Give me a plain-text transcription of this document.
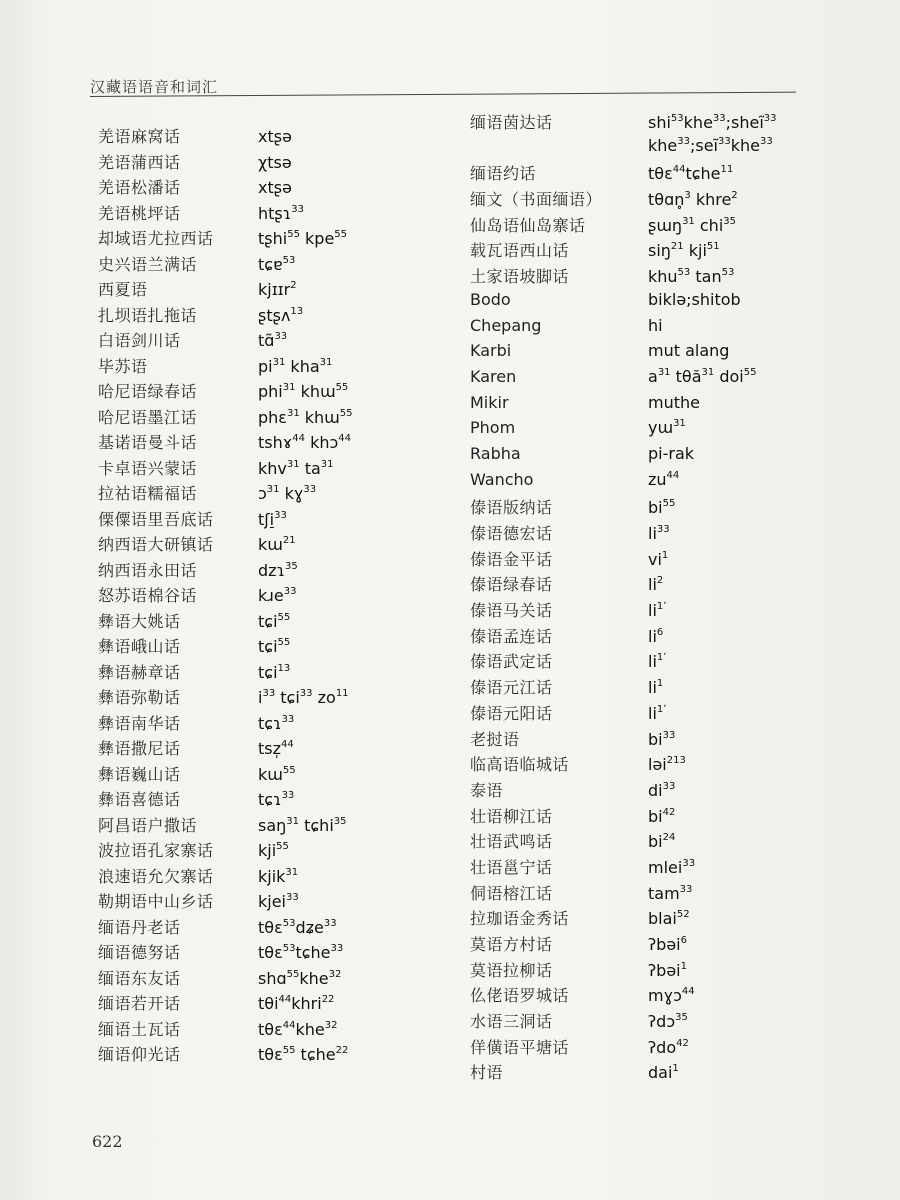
汉藏语语音和词汇
羌语麻窝话	xtʂə
羌语蒲西话	χtsə
羌语松潘话	xtʂə
羌语桃坪话	htʂɿ$^{33}$
却域语尤拉西话	tʂhi$^{55}$ kpe$^{55}$
史兴语兰满话	tɕɐ$^{53}$
西夏语	kjɪɪr$^2$
扎坝语扎拖话	ʂtʂʌ$^{13}$
白语剑川话	tɑ̃$^{33}$
毕苏语	$pi^{31}$ kha$^{31}$
哈尼语绿春话	phi$^{31}$ khɯ$^{55}$
哈尼语墨江话	phɛ$^{31}$ khɯ$^{55}$
基诺语曼斗话	tshɤ$^{44}$ khɔ$^{44}$
卡卓语兴蒙话	khv$^{31}$ $ta^{31}$
拉祜语糯福话	ɔ$^{31}$ kɣ$^{33}$
傈僳语里吾底话	tʃi̠$^{33}$
纳西语大研镇话	kɯ$^{21}$
纳西语永田话	dzɿ$^{35}$
怒苏语棉谷话	kɹe$^{33}$
彝语大姚话	tɕi$^{55}$
彝语峨山话	tɕi$^{55}$
彝语赫章话	tɕi$^{13}$
彝语弥勒话	$i^{33}$ tɕi$^{33}$ $zo^{11}$
彝语南华话	tɕɿ$^{33}$
彝语撒尼话	tsz̩$^{44}$
彝语巍山话	kɯ$^{55}$
彝语喜德话	tɕɿ$^{33}$
阿昌语户撒话	saŋ$^{31}$ tɕhi$^{35}$
波拉语孔家寨话	kji$^{55}$
浪速语允欠寨话	kjik$^{31}$
勒期语中山乡话	kjei$^{33}$
缅语丹老话	tθɛ$^{53}$dʑe$^{33}$
缅语德努话	tθɛ$^{53}$tɕhe$^{33}$
缅语东友话	shɑ$^{55}$khe$^{32}$
缅语若开话	tθi$^{44}$khri$^{22}$
缅语土瓦话	tθɛ$^{44}$khe$^{32}$
缅语仰光话	tθɛ$^{55}$ tɕhe$^{22}$
缅语茵达话	shi$^{53}$khe$^{33}$;sheĩ$^{33}$
khe$^{33}$;seĩ$^{33}$khe$^{33}$
缅语约话	tθɛ$^{44}$tɕhe$^{11}$
缅文（书面缅语）	tθɑn̥$^3$ khre$^2$
仙岛语仙岛寨话	ʂɯŋ$^{31}$ chi$^{35}$
载瓦语西山话	siŋ$^{21}$ kji$^{51}$
土家语坡脚话	khu$^{53}$ $\tan^{53}$
Bodo	biklə;shitob
Chepang	hi
Karbi	mut alang
Karen	$a^{31}$ tθă$^{31}$ doi$^{55}$
Mikir	muthe
Phom	yɯ$^{31}$
Rabha	pi-rak
Wancho	$zu^{44}$
傣语版纳话	$bi^{55}$
傣语德宏话	$li^{33}$
傣语金平话	$vi^1$
傣语绿春话	$li^2$
傣语马关话	$li^{1ʼ}$
傣语孟连话	$li^6$
傣语武定话	$li^{1ʼ}$
傣语元江话	$li^1$
傣语元阳话	$li^{1ʼ}$
老挝语	$bi^{33}$
临高语临城话	ləi$^{213}$
泰语	$di^{33}$
壮语柳江话	$bi^{42}$
壮语武鸣话	$bi^{24}$
壮语邕宁话	mlei$^{33}$
侗语榕江话	tam$^{33}$
拉珈语金秀话	blai$^{52}$
莫语方村话	ʔbəi$^6$
莫语拉柳话	ʔbəi$^1$
仫佬语罗城话	mɣɔ$^{44}$
水语三洞话	ʔdɔ$^{35}$
佯僙语平塘话	ʔdo$^{42}$
村语	dai$^1$
622
